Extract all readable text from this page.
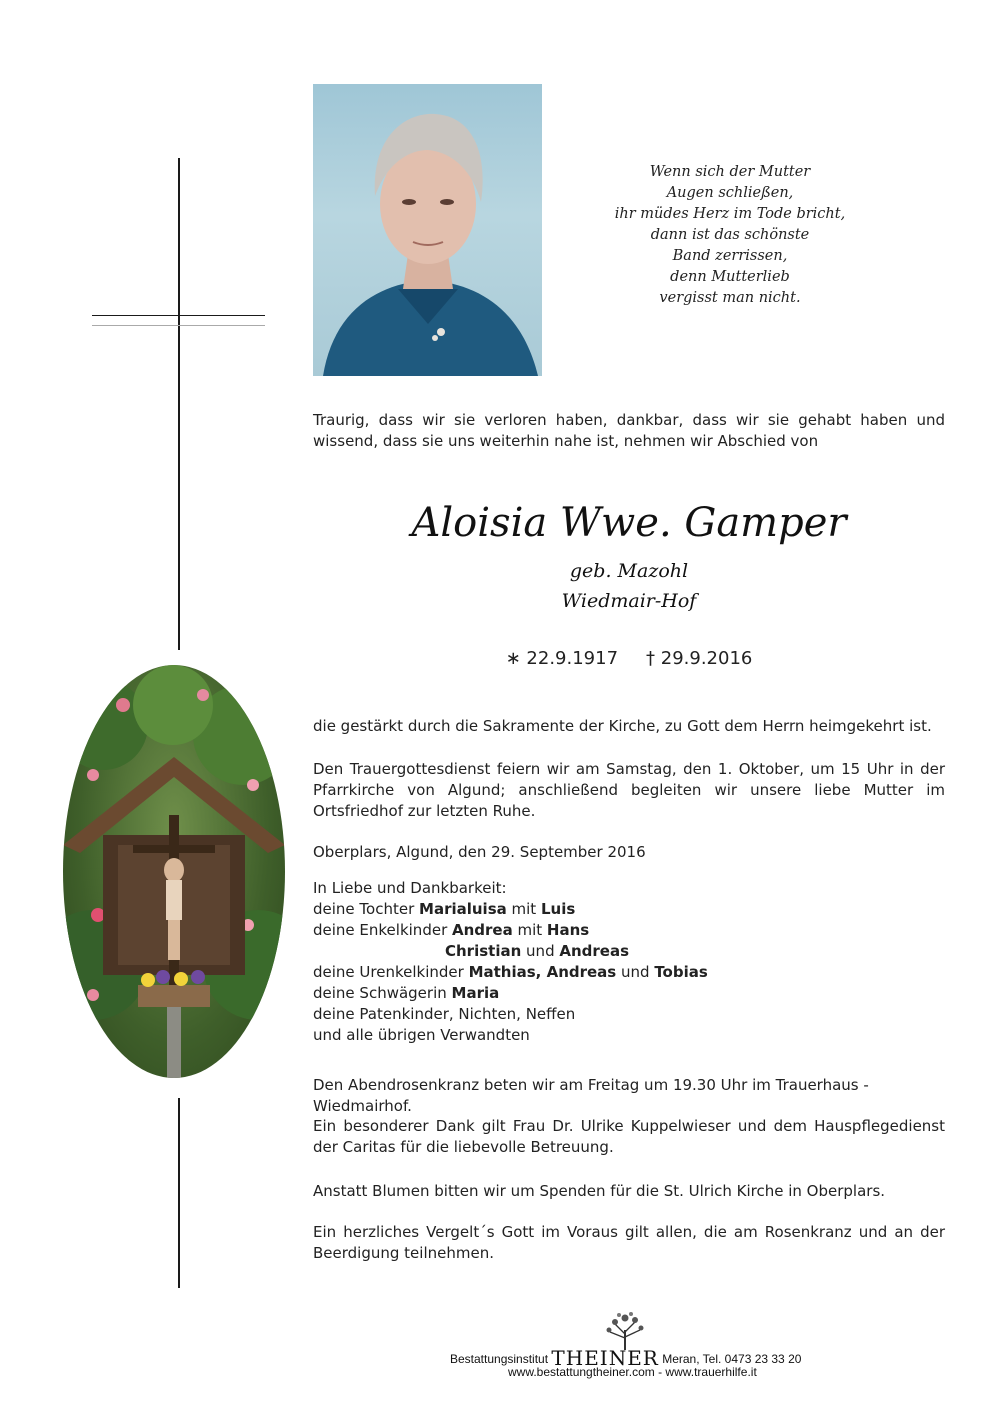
Wenn sich der Mutter
Augen schließen,
ihr müdes Herz im Tode bricht,
dann ist das schönste
Band zerrissen,
denn Mutterlieb
vergisst man nicht.
Traurig, dass wir sie verloren haben, dankbar, dass wir sie gehabt haben und wissend, dass sie uns weiterhin nahe ist, nehmen wir Abschied von
Aloisia Wwe. Gamper
geb. Mazohl
Wiedmair-Hof
∗ 22.9.1917 † 29.9.2016
die gestärkt durch die Sakramente der Kirche, zu Gott dem Herrn heimgekehrt ist.
Den Trauergottesdienst feiern wir am Samstag, den 1. Oktober, um 15 Uhr in der Pfarrkirche von Algund; anschließend begleiten wir unsere liebe Mutter im Ortsfriedhof zur letzten Ruhe.
Oberplars, Algund, den 29. September 2016
In Liebe und Dankbarkeit:
deine Tochter Marialuisa mit Luis
deine Enkelkinder Andrea mit Hans
Christian und Andreas
deine Urenkelkinder Mathias, Andreas und Tobias
deine Schwägerin Maria
deine Patenkinder, Nichten, Neffen
und alle übrigen Verwandten
Den Abendrosenkranz beten wir am Freitag um 19.30 Uhr im Trauerhaus - Wiedmairhof.
Ein besonderer Dank gilt Frau Dr. Ulrike Kuppelwieser und dem Hauspflegedienst der Caritas für die liebevolle Betreuung.
Anstatt Blumen bitten wir um Spenden für die St. Ulrich Kirche in Oberplars.
Ein herzliches Vergelt´s Gott im Voraus gilt allen, die am Rosenkranz und an der Beerdigung teilnehmen.
Bestattungsinstitut THEINER Meran, Tel. 0473 23 33 20
www.bestattungtheiner.com - www.trauerhilfe.it
